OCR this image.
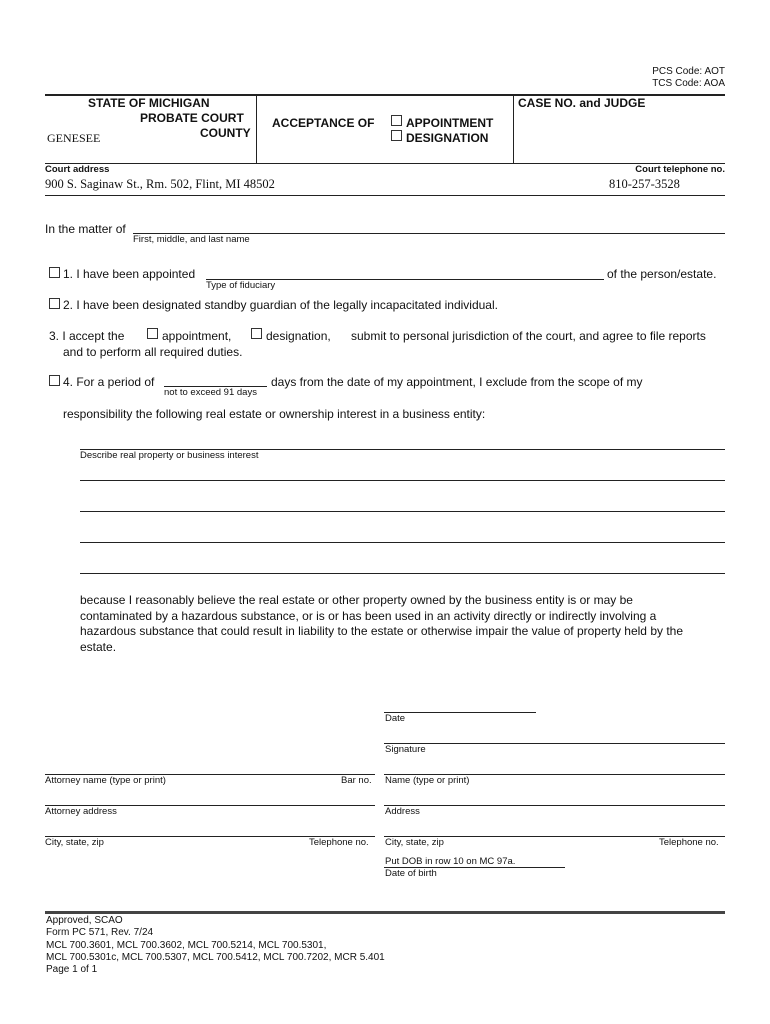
PCS Code: AOT
TCS Code: AOA
STATE OF MICHIGAN
PROBATE COURT
GENESEE	COUNTY
ACCEPTANCE OF	APPOINTMENT
DESIGNATION
CASE NO. and JUDGE
Court address	Court telephone no.
900 S. Saginaw St., Rm. 502, Flint, MI 48502	810-257-3528
In the matter of
First, middle, and last name
1. I have been appointed
Type of fiduciary
of the person/estate.
2. I have been designated standby guardian of the legally incapacitated individual.
3. I accept the	appointment,	designation, submit to personal jurisdiction of the court, and agree to file reports
and to perform all required duties.
4. For a period of
not to exceed 91 days
days from the date of my appointment, I exclude from the scope of my
responsibility the following real estate or ownership interest in a business entity:
Describe real property or business interest
because I reasonably believe the real estate or other property owned by the business entity is or may be
contaminated by a hazardous substance, or is or has been used in an activity directly or indirectly involving a
hazardous substance that could result in liability to the estate or otherwise impair the value of property held by the
estate.
Date
Signature
Attorney name (type or print)	Bar no. Name (type or print)
Attorney address	Address
City, state, zip	Telephone no. City, state, zip	Telephone no.
Put DOB in row 10 on MC 97a.
Date of birth
Approved, SCAO
Form PC 571, Rev. 7/24
MCL 700.3601, MCL 700.3602, MCL 700.5214, MCL 700.5301,
MCL 700.5301c, MCL 700.5307, MCL 700.5412, MCL 700.7202, MCR 5.401
Page 1 of 1
